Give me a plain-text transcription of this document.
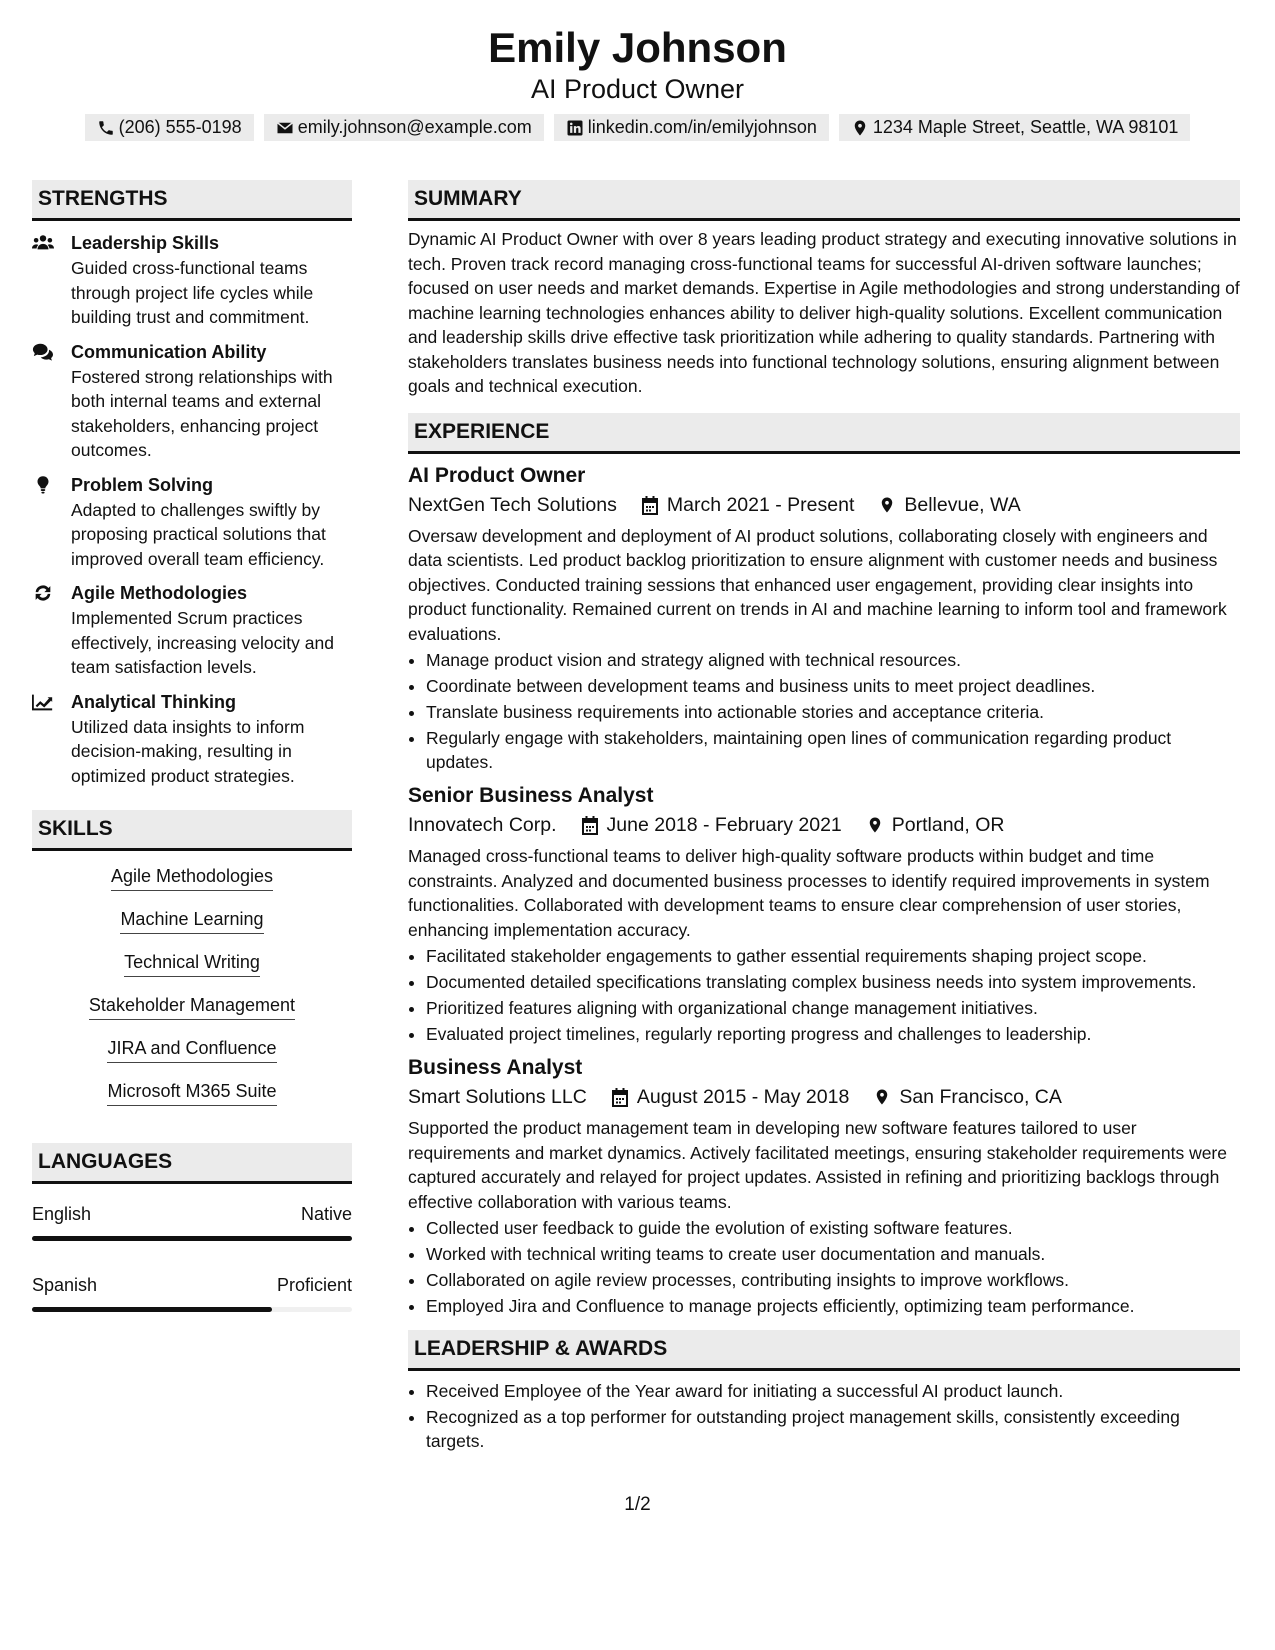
Emily Johnson
AI Product Owner
(206) 555-0198	emily.johnson@example.com	linkedin.com/in/emilyjohnson	1234 Maple Street, Seattle, WA 98101
STRENGTHS
Leadership Skills
Guided cross-functional teams through project life cycles while building trust and commitment.
Communication Ability
Fostered strong relationships with both internal teams and external stakeholders, enhancing project outcomes.
Problem Solving
Adapted to challenges swiftly by proposing practical solutions that improved overall team efficiency.
Agile Methodologies
Implemented Scrum practices effectively, increasing velocity and team satisfaction levels.
Analytical Thinking
Utilized data insights to inform decision-making, resulting in optimized product strategies.
SKILLS
Agile Methodologies
Machine Learning
Technical Writing
Stakeholder Management
JIRA and Confluence
Microsoft M365 Suite
LANGUAGES
English	Native
Spanish	Proficient
SUMMARY
Dynamic AI Product Owner with over 8 years leading product strategy and executing innovative solutions in tech. Proven track record managing cross-functional teams for successful AI-driven software launches; focused on user needs and market demands. Expertise in Agile methodologies and strong understanding of machine learning technologies enhances ability to deliver high-quality solutions. Excellent communication and leadership skills drive effective task prioritization while adhering to quality standards. Partnering with stakeholders translates business needs into functional technology solutions, ensuring alignment between goals and technical execution.
EXPERIENCE
AI Product Owner
NextGen Tech Solutions	March 2021 - Present	Bellevue, WA
Oversaw development and deployment of AI product solutions, collaborating closely with engineers and data scientists. Led product backlog prioritization to ensure alignment with customer needs and business objectives. Conducted training sessions that enhanced user engagement, providing clear insights into product functionality. Remained current on trends in AI and machine learning to inform tool and framework evaluations.
• Manage product vision and strategy aligned with technical resources.
• Coordinate between development teams and business units to meet project deadlines.
• Translate business requirements into actionable stories and acceptance criteria.
• Regularly engage with stakeholders, maintaining open lines of communication regarding product updates.
Senior Business Analyst
Innovatech Corp.	June 2018 - February 2021	Portland, OR
Managed cross-functional teams to deliver high-quality software products within budget and time constraints. Analyzed and documented business processes to identify required improvements in system functionalities. Collaborated with development teams to ensure clear comprehension of user stories, enhancing implementation accuracy.
• Facilitated stakeholder engagements to gather essential requirements shaping project scope.
• Documented detailed specifications translating complex business needs into system improvements.
• Prioritized features aligning with organizational change management initiatives.
• Evaluated project timelines, regularly reporting progress and challenges to leadership.
Business Analyst
Smart Solutions LLC	August 2015 - May 2018	San Francisco, CA
Supported the product management team in developing new software features tailored to user requirements and market dynamics. Actively facilitated meetings, ensuring stakeholder requirements were captured accurately and relayed for project updates. Assisted in refining and prioritizing backlogs through effective collaboration with various teams.
• Collected user feedback to guide the evolution of existing software features.
• Worked with technical writing teams to create user documentation and manuals.
• Collaborated on agile review processes, contributing insights to improve workflows.
• Employed Jira and Confluence to manage projects efficiently, optimizing team performance.
LEADERSHIP & AWARDS
• Received Employee of the Year award for initiating a successful AI product launch.
• Recognized as a top performer for outstanding project management skills, consistently exceeding targets.
1/2
